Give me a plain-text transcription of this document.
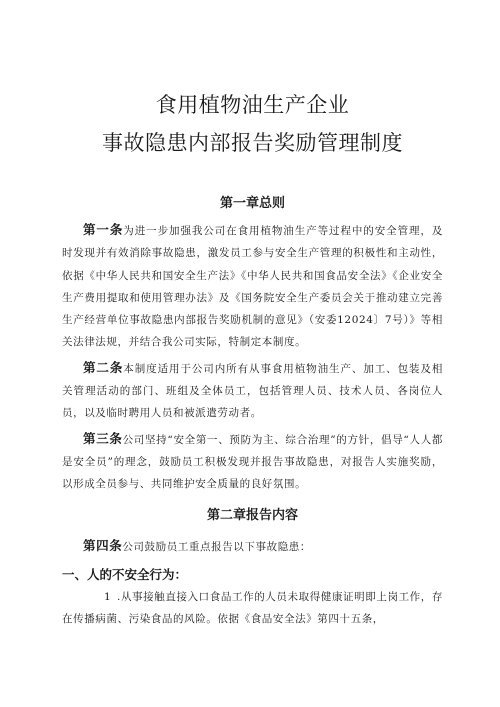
食用植物油生产企业
事故隐患内部报告奖励管理制度
第一章总则

第一条为进一步加强我公司在食用植物油生产等过程中的安全管理，及时发现并有效消除事故隐患，激发员工参与安全生产管理的积极性和主动性，依据《中华人民共和国安全生产法》《中华人民共和国食品安全法》《企业安全生产费用提取和使用管理办法》及《国务院安全生产委员会关于推动建立完善生产经营单位事故隐患内部报告奖励机制的意见》（安委12024〕7号）》等相关法律法规，并结合我公司实际，特制定本制度。

第二条本制度适用于公司内所有从事食用植物油生产、加工、包装及相关管理活动的部门、班组及全体员工，包括管理人员、技术人员、各岗位人员，以及临时聘用人员和被派遣劳动者。

第三条公司坚持“安全第一、预防为主、综合治理”的方针，倡导“人人都是安全员”的理念，鼓励员工积极发现并报告事故隐患，对报告人实施奖励，以形成全员参与、共同维护安全质量的良好氛围。

第二章报告内容

第四条公司鼓励员工重点报告以下事故隐患：

一、人的不安全行为：

1 .从事接触直接入口食品工作的人员未取得健康证明即上岗工作，存在传播病菌、污染食品的风险。依据《食品安全法》第四十五条，
